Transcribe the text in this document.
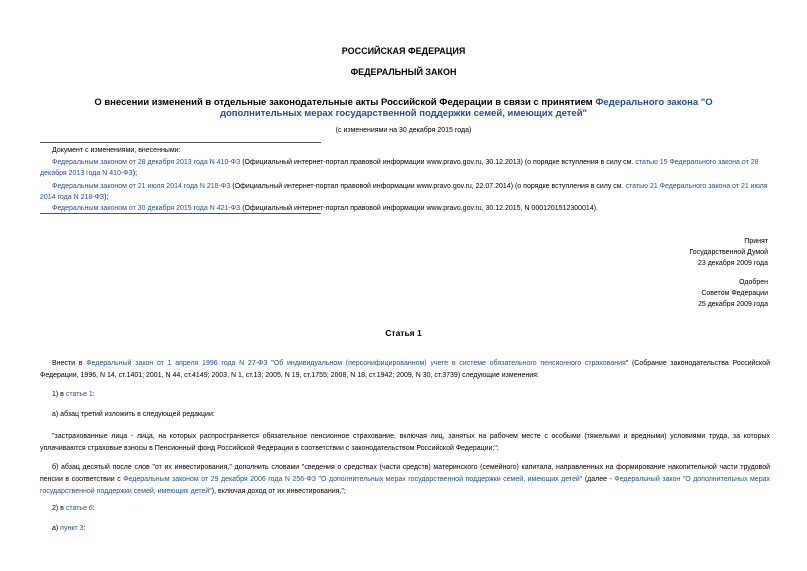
РОССИЙСКАЯ ФЕДЕРАЦИЯ
ФЕДЕРАЛЬНЫЙ ЗАКОН
О внесении изменений в отдельные законодательные акты Российской Федерации в связи с принятием Федерального закона "О дополнительных мерах государственной поддержки семей, имеющих детей"
(с изменениями на 30 декабря 2015 года)
Документ с изменениями, внесенными:
Федеральным законом от 28 декабря 2013 года N 410-ФЗ (Официальный интернет-портал правовой информации www.pravo.gov.ru, 30.12.2013) (о порядке вступления в силу см. статью 15 Федерального закона от 28 декабря 2013 года N 410-ФЗ);
Федеральным законом от 21 июля 2014 года N 218-ФЗ (Официальный интернет-портал правовой информации www.pravo.gov.ru, 22.07.2014) (о порядке вступления в силу см. статью 21 Федерального закона от 21 июля 2014 года N 218-ФЗ);
Федеральным законом от 30 декабря 2015 года N 421-ФЗ (Официальный интернет-портал правовой информации www.pravo.gov.ru, 30.12.2015, N 0001201512300014).
Принят
Государственной Думой
23 декабря 2009 года
Одобрен
Советом Федерации
25 декабря 2009 года
Статья 1
Внести в Федеральный закон от 1 апреля 1996 года N 27-ФЗ "Об индивидуальном (персонифицированном) учете в системе обязательного пенсионного страхования" (Собрание законодательства Российской Федерации, 1996, N 14, ст.1401; 2001, N 44, ст.4149; 2003, N 1, ст.13; 2005, N 19, ст.1755; 2008, N 18, ст.1942; 2009, N 30, ст.3739) следующие изменения:
1) в статье 1:
а) абзац третий изложить в следующей редакции:
"застрахованные лица - лица, на которых распространяется обязательное пенсионное страхование, включая лиц, занятых на рабочем месте с особыми (тяжелыми и вредными) условиями труда, за которых уплачиваются страховые взносы в Пенсионный фонд Российской Федерации в соответствии с законодательством Российской Федерации;";
б) абзац десятый после слов "от их инвестирования," дополнить словами "сведения о средствах (части средств) материнского (семейного) капитала, направленных на формирование накопительной части трудовой пенсии в соответствии с Федеральным законом от 29 декабря 2006 года N 256-ФЗ "О дополнительных мерах государственной поддержки семей, имеющих детей" (далее - Федеральный закон "О дополнительных мерах государственной поддержки семей, имеющих детей"), включая доход от их инвестирования,";
2) в статье 6:
а) пункт 3:
